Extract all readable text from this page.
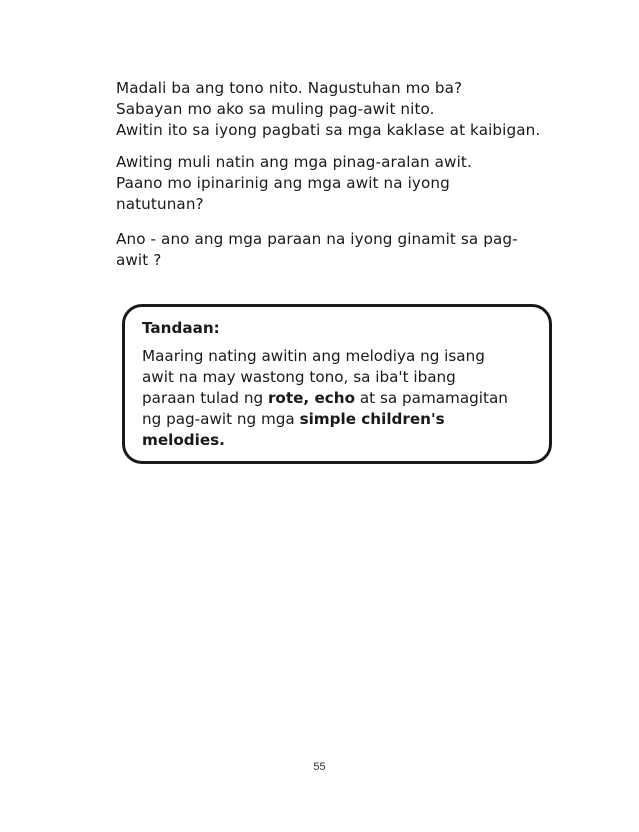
Madali ba ang tono nito. Nagustuhan mo ba?
Sabayan mo ako sa muling pag-awit nito.
Awitin ito sa iyong pagbati sa mga kaklase at kaibigan.
Awiting muli natin ang mga pinag-aralan awit.
Paano mo ipinarinig ang mga awit na iyong
natutunan?
Ano - ano ang mga paraan na iyong ginamit sa pag-
awit ?
Tandaan:
Maaring nating awitin ang melodiya ng isang
awit na may wastong tono, sa iba't ibang
paraan tulad ng rote, echo at sa pamamagitan
ng pag-awit ng mga simple children's
melodies.
55
